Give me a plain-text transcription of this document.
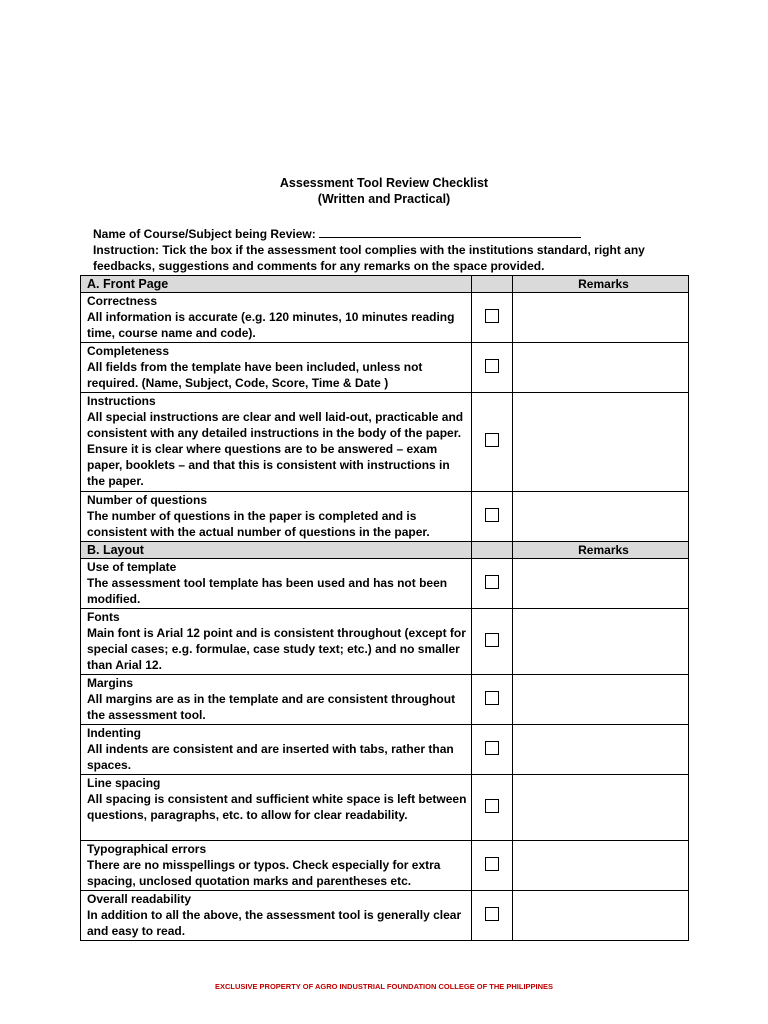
Assessment Tool Review Checklist
(Written and Practical)
Name of Course/Subject being Review:
Instruction: Tick the box if the assessment tool complies with the institutions standard, right any feedbacks, suggestions and comments for any remarks on the space provided.
A. Front Page		Remarks

Correctness
All information is accurate (e.g. 120 minutes, 10 minutes reading time, course name and code).		

Completeness
All fields from the template have been included, unless not required. (Name, Subject, Code, Score, Time & Date )		

Instructions
All special instructions are clear and well laid-out, practicable and consistent with any detailed instructions in the body of the paper. Ensure it is clear where questions are to be answered – exam paper, booklets – and that this is consistent with instructions in the paper.		

Number of questions
The number of questions in the paper is completed and is consistent with the actual number of questions in the paper.		

B. Layout		Remarks

Use of template
The assessment tool template has been used and has not been modified.		

Fonts
Main font is Arial 12 point and is consistent throughout (except for special cases; e.g. formulae, case study text; etc.) and no smaller than Arial 12.		

Margins
All margins are as in the template and are consistent throughout the assessment tool.		

Indenting
All indents are consistent and are inserted with tabs, rather than spaces.		

Line spacing
All spacing is consistent and sufficient white space is left between questions, paragraphs, etc. to allow for clear readability.		

Typographical errors
There are no misspellings or typos. Check especially for extra spacing, unclosed quotation marks and parentheses etc.		

Overall readability
In addition to all the above, the assessment tool is generally clear and easy to read.		

EXCLUSIVE PROPERTY OF AGRO INDUSTRIAL FOUNDATION COLLEGE OF THE PHILIPPINES
